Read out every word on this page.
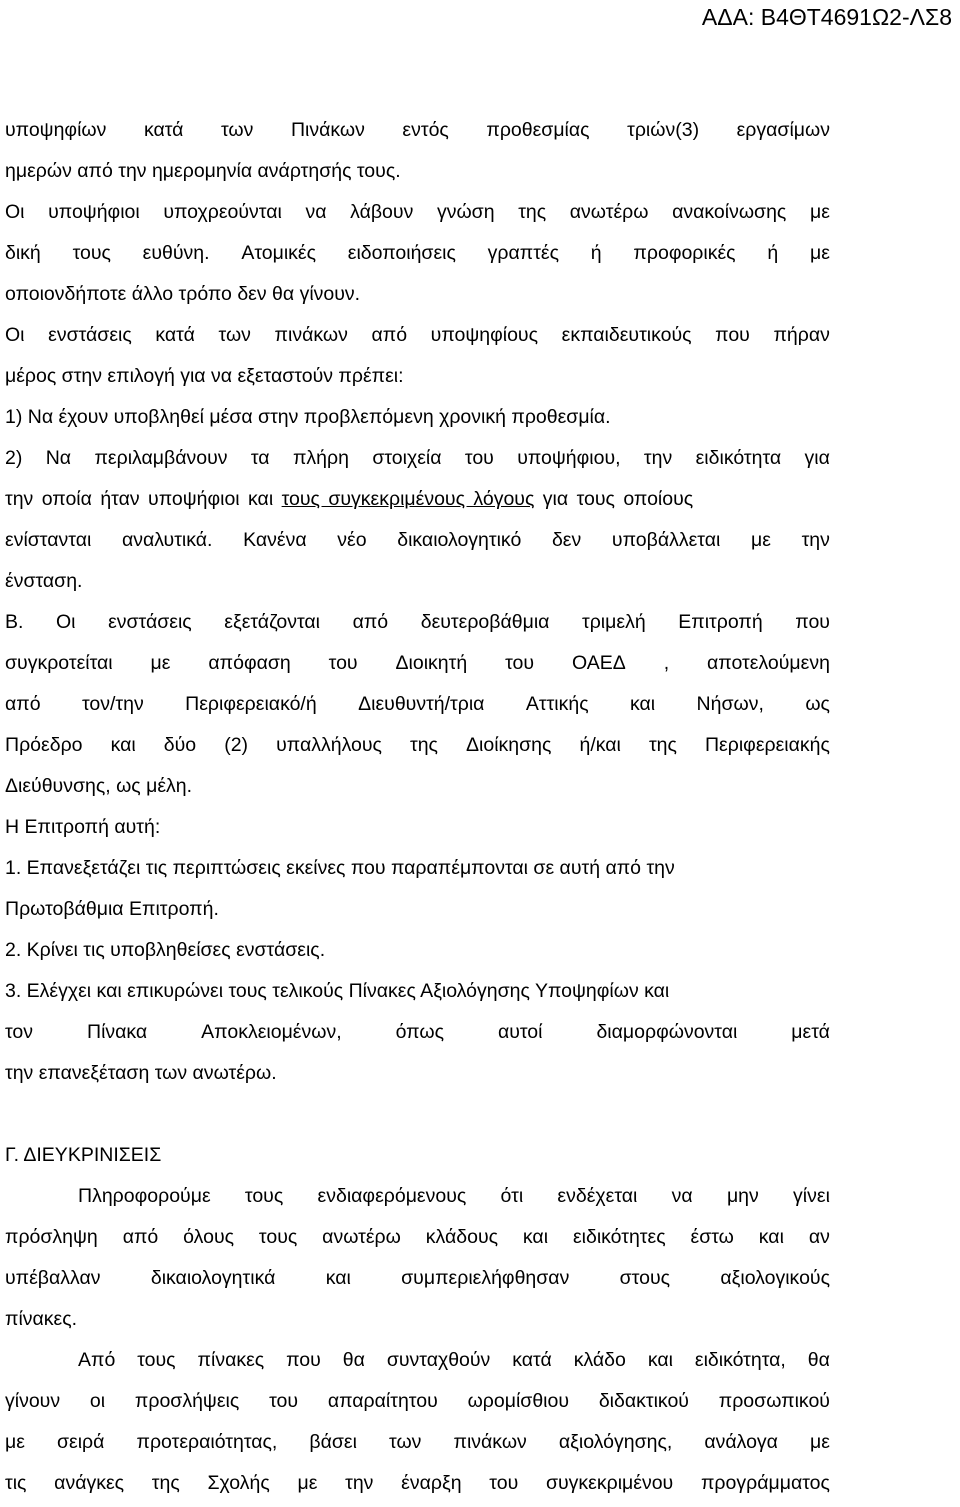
ΑΔΑ: Β4ΘΤ4691Ω2-ΛΣ8
υποψηφίων κατά των Πινάκων εντός προθεσμίας τριών(3) εργασίμων
ημερών από την ημερομηνία ανάρτησής τους.
Οι υποψήφιοι υποχρεούνται να λάβουν γνώση της ανωτέρω ανακοίνωσης με
δική τους ευθύνη. Ατομικές ειδοποιήσεις γραπτές ή προφορικές ή με
οποιονδήποτε άλλο τρόπο δεν θα γίνουν.
Οι ενστάσεις κατά των πινάκων από υποψηφίους εκπαιδευτικούς που πήραν
μέρος στην επιλογή για να εξεταστούν πρέπει:
1) Να έχουν υποβληθεί μέσα στην προβλεπόμενη χρονική προθεσμία.
2) Να περιλαμβάνουν τα πλήρη στοιχεία του υποψήφιου, την ειδικότητα για
την οποία ήταν υποψήφιοι και τους συγκεκριμένους λόγους για τους οποίους
ενίστανται αναλυτικά. Κανένα νέο δικαιολογητικό δεν υποβάλλεται με την
ένσταση.
Β. Οι ενστάσεις εξετάζονται από δευτεροβάθμια τριμελή Επιτροπή που
συγκροτείται με απόφαση του Διοικητή του ΟΑΕΔ , αποτελούμενη
από τον/την Περιφερειακό/ή Διευθυντή/τρια Αττικής και Νήσων, ως
Πρόεδρο και δύο (2) υπαλλήλους της Διοίκησης ή/και της Περιφερειακής
Διεύθυνσης, ως μέλη.
Η Επιτροπή αυτή:
1. Επανεξετάζει τις περιπτώσεις εκείνες που παραπέμπονται σε αυτή από την
Πρωτοβάθμια Επιτροπή.
2. Κρίνει τις υποβληθείσες ενστάσεις.
3. Ελέγχει και επικυρώνει τους τελικούς Πίνακες Αξιολόγησης Υποψηφίων και
τον	Πίνακα	Αποκλειομένων,	όπως	αυτοί	διαμορφώνονται	μετά
την επανεξέταση των ανωτέρω.
Γ. ΔΙΕΥΚΡΙΝΙΣΕΙΣ
Πληροφορούμε τους ενδιαφερόμενους ότι ενδέχεται να μην γίνει
πρόσληψη από όλους τους ανωτέρω κλάδους και ειδικότητες έστω και αν
υπέβαλλαν	δικαιολογητικά	και	συμπεριελήφθησαν	στους	αξιολογικούς
πίνακες.
Από τους πίνακες που θα συνταχθούν κατά κλάδο και ειδικότητα, θα
γίνουν οι προσλήψεις του απαραίτητου ωρομίσθιου διδακτικού προσωπικού
με σειρά προτεραιότητας, βάσει των πινάκων αξιολόγησης, ανάλογα με
τις ανάγκες της Σχολής με την έναρξη του συγκεκριμένου προγράμματος
